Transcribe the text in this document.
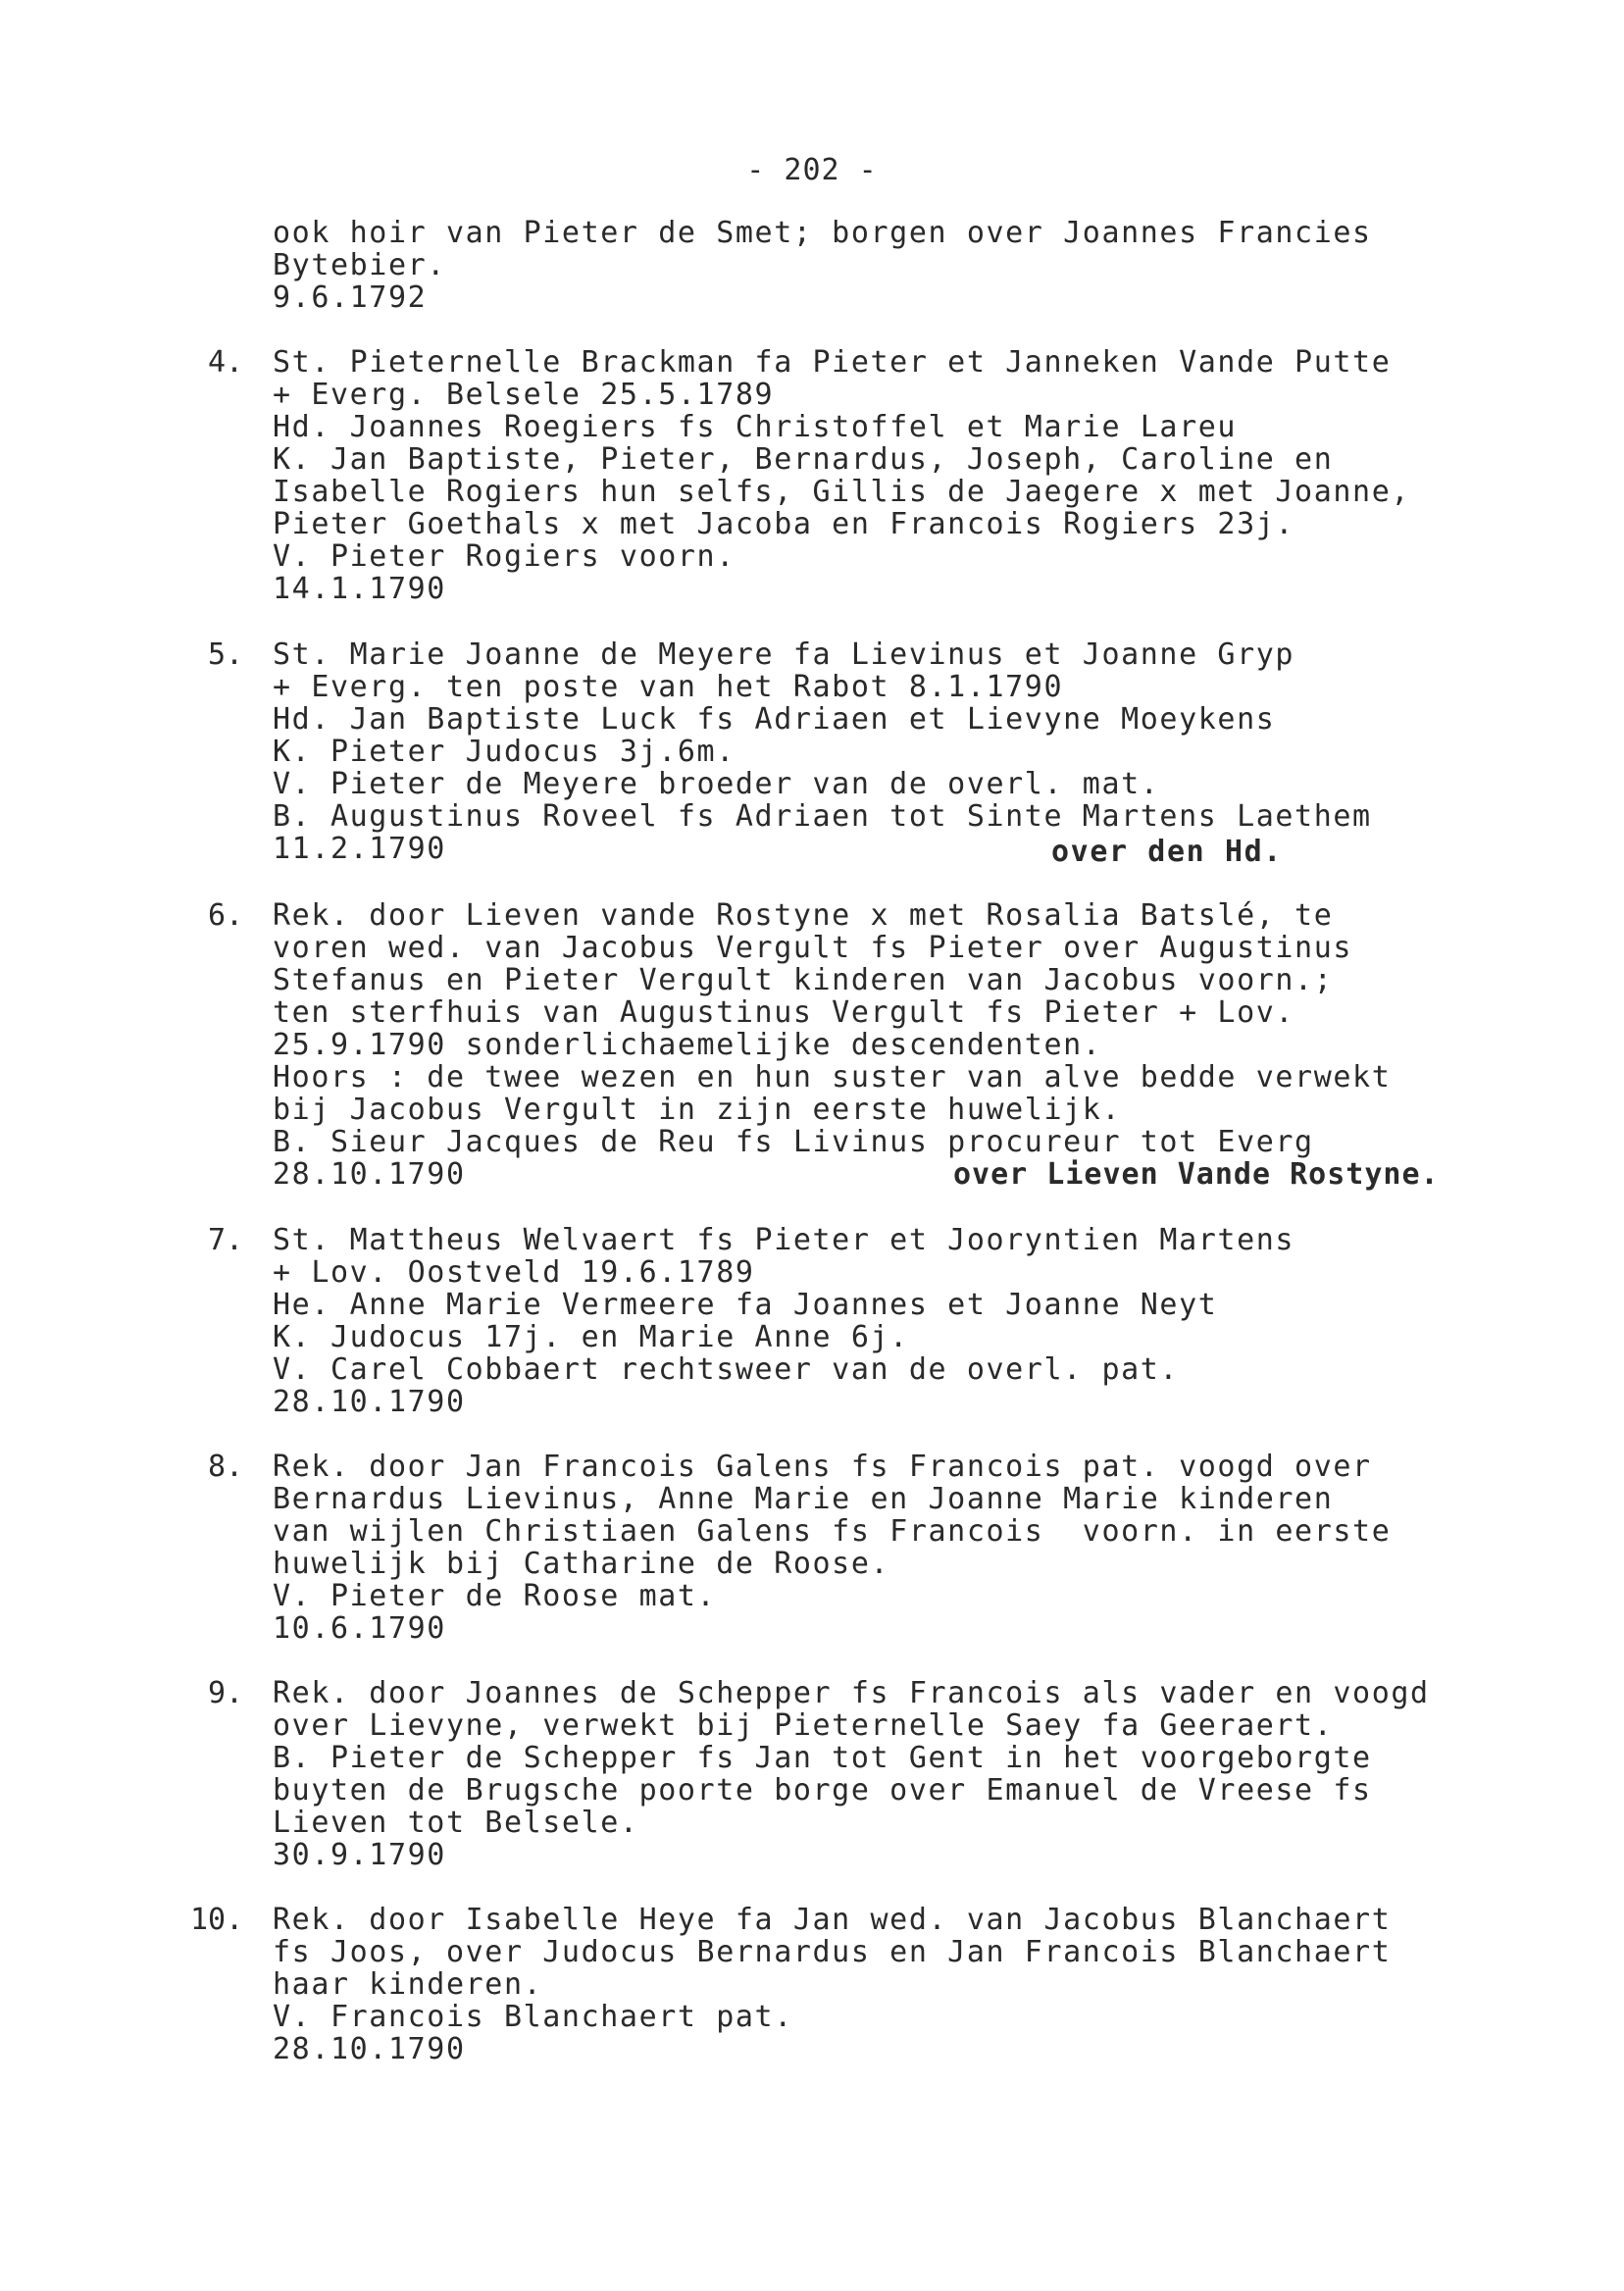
- 202 -
ook hoir van Pieter de Smet; borgen over Joannes Francies
Bytebier.
9.6.1792
4. St. Pieternelle Brackman fa Pieter et Janneken Vande Putte
+ Everg. Belsele 25.5.1789
Hd. Joannes Roegiers fs Christoffel et Marie Lareu
K. Jan Baptiste, Pieter, Bernardus, Joseph, Caroline en
Isabelle Rogiers hun selfs, Gillis de Jaegere x met Joanne,
Pieter Goethals x met Jacoba en Francois Rogiers 23j.
V. Pieter Rogiers voorn.
14.1.1790
5. St. Marie Joanne de Meyere fa Lievinus et Joanne Gryp
+ Everg. ten poste van het Rabot 8.1.1790
Hd. Jan Baptiste Luck fs Adriaen et Lievyne Moeykens
K. Pieter Judocus 3j.6m.
V. Pieter de Meyere broeder van de overl. mat.
B. Augustinus Roveel fs Adriaen tot Sinte Martens Laethem
11.2.1790	over den Hd.
6. Rek. door Lieven vande Rostyne x met Rosalia Batslé, te
voren wed. van Jacobus Vergult fs Pieter over Augustinus
Stefanus en Pieter Vergult kinderen van Jacobus voorn.;
ten sterfhuis van Augustinus Vergult fs Pieter + Lov.
25.9.1790 sonderlichaemelijke descendenten.
Hoors : de twee wezen en hun suster van alve bedde verwekt
bij Jacobus Vergult in zijn eerste huwelijk.
B. Sieur Jacques de Reu fs Livinus procureur tot Everg
28.10.1790	over Lieven Vande Rostyne.
7. St. Mattheus Welvaert fs Pieter et Jooryntien Martens
+ Lov. Oostveld 19.6.1789
He. Anne Marie Vermeere fa Joannes et Joanne Neyt
K. Judocus 17j. en Marie Anne 6j.
V. Carel Cobbaert rechtsweer van de overl. pat.
28.10.1790
8. Rek. door Jan Francois Galens fs Francois pat. voogd over
Bernardus Lievinus, Anne Marie en Joanne Marie kinderen
van wijlen Christiaen Galens fs Francois  voorn. in eerste
huwelijk bij Catharine de Roose.
V. Pieter de Roose mat.
10.6.1790
9. Rek. door Joannes de Schepper fs Francois als vader en voogd
over Lievyne, verwekt bij Pieternelle Saey fa Geeraert.
B. Pieter de Schepper fs Jan tot Gent in het voorgeborgte
buyten de Brugsche poorte borge over Emanuel de Vreese fs
Lieven tot Belsele.
30.9.1790
10. Rek. door Isabelle Heye fa Jan wed. van Jacobus Blanchaert
fs Joos, over Judocus Bernardus en Jan Francois Blanchaert
haar kinderen.
V. Francois Blanchaert pat.
28.10.1790
